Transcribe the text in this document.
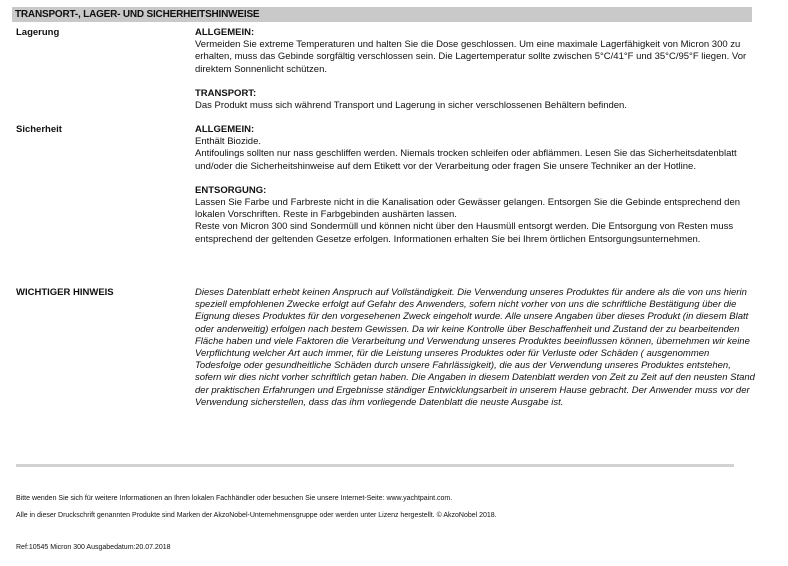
TRANSPORT-, LAGER- UND SICHERHEITSHINWEISE
Lagerung	ALLGEMEIN:

Vermeiden Sie extreme Temperaturen und halten Sie die Dose geschlossen. Um eine maximale Lagerfähigkeit von Micron 300 zu erhalten, muss das Gebinde sorgfältig verschlossen sein. Die Lagertemperatur sollte zwischen 5°C/41°F und 35°C/95°F liegen. Vor direktem Sonnenlicht schützen.

TRANSPORT:

Das Produkt muss sich während Transport und Lagerung in sicher verschlossenen Behältern befinden.

Sicherheit	ALLGEMEIN:

Enthält Biozide.

Antifoulings sollten nur nass geschliffen werden. Niemals trocken schleifen oder abflämmen. Lesen Sie das Sicherheitsdatenblatt und/oder die Sicherheitshinweise auf dem Etikett vor der Verarbeitung oder fragen Sie unsere Techniker an der Hotline.

ENTSORGUNG:

Lassen Sie Farbe und Farbreste nicht in die Kanalisation oder Gewässer gelangen. Entsorgen Sie die Gebinde entsprechend den lokalen Vorschriften. Reste in Farbgebinden aushärten lassen.

Reste von Micron 300 sind Sondermüll und können nicht über den Hausmüll entsorgt werden. Die Entsorgung von Resten muss entsprechend der geltenden Gesetze erfolgen. Informationen erhalten Sie bei Ihrem örtlichen Entsorgungsunternehmen.

WICHTIGER HINWEIS	Dieses Datenblatt erhebt keinen Anspruch auf Vollständigkeit. Die Verwendung unseres Produktes für andere als die von uns hierin speziell empfohlenen Zwecke erfolgt auf Gefahr des Anwenders, sofern nicht vorher von uns die schriftliche Bestätigung über die Eignung dieses Produktes für den vorgesehenen Zweck eingeholt wurde. Alle unsere Angaben über dieses Produkt (in diesem Blatt oder anderweitig) erfolgen nach bestem Gewissen. Da wir keine Kontrolle über Beschaffenheit und Zustand der zu bearbeitenden Fläche haben und viele Faktoren die Verarbeitung und Verwendung unseres Produktes beeinflussen können, übernehmen wir keine Verpflichtung welcher Art auch immer, für die Leistung unseres Produktes oder für Verluste oder Schäden ( ausgenommen Todesfolge oder gesundheitliche Schäden durch unsere Fahrlässigkeit), die aus der Verwendung unseres Produktes entstehen, sofern wir dies nicht vorher schriftlich getan haben. Die Angaben in diesem Datenblatt werden von Zeit zu Zeit auf den neusten Stand der praktischen Erfahrungen und Ergebnisse ständiger Entwicklungsarbeit in unserem Hause gebracht. Der Anwender muss vor der Verwendung sicherstellen, dass das ihm vorliegende Datenblatt die neuste Ausgabe ist.

Bitte wenden Sie sich für weitere Informationen an Ihren lokalen Fachhändler oder besuchen Sie unsere Internet-Seite: www.yachtpaint.com.
Alle in dieser Druckschrift genannten Produkte sind Marken der AkzoNobel-Unternehmensgruppe oder werden unter Lizenz hergestellt. © AkzoNobel 2018.
Ref:10545 Micron 300 Ausgabedatum:20.07.2018
